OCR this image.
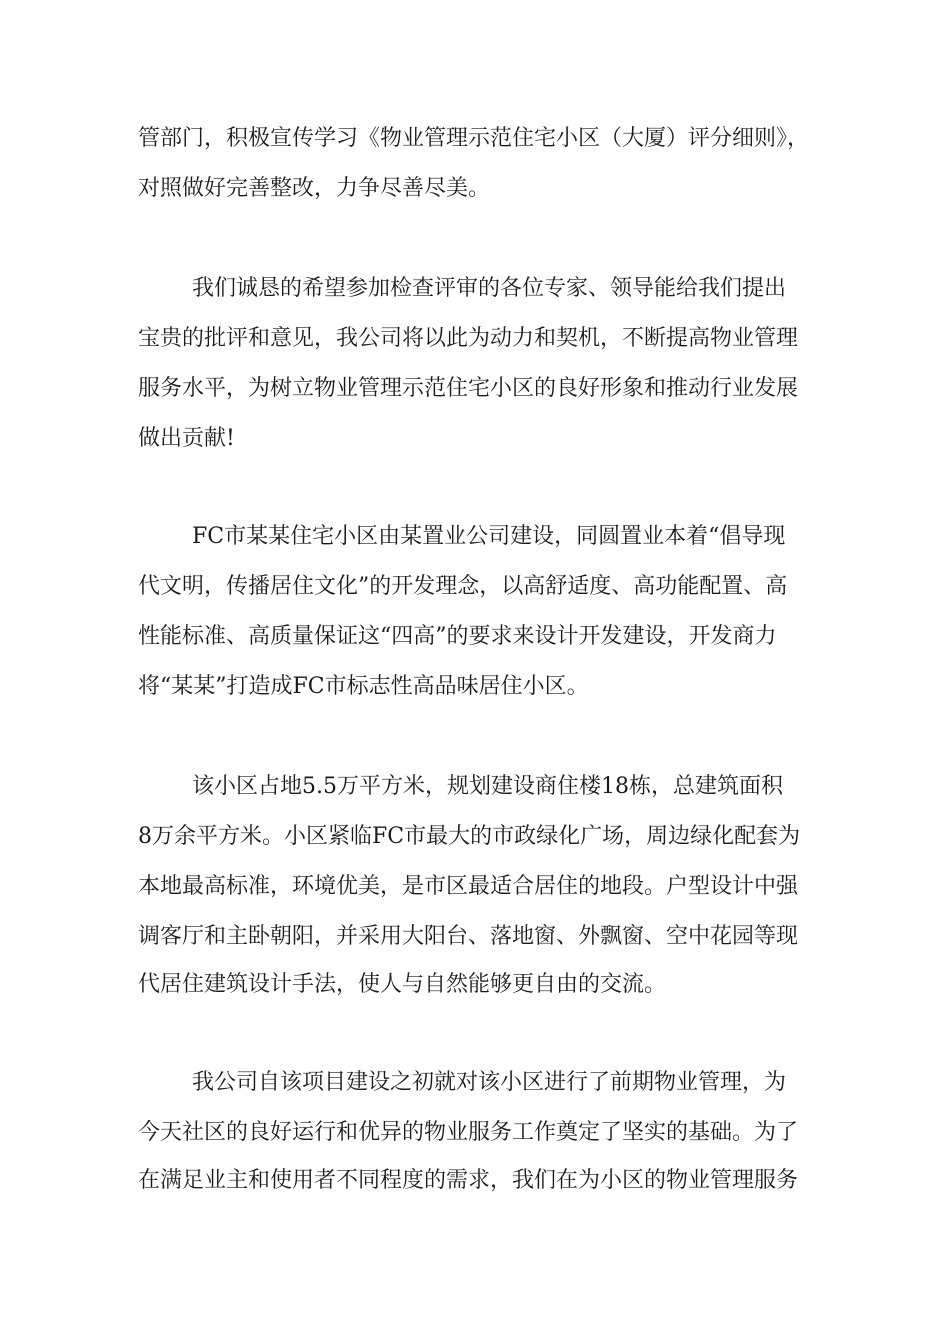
管部门，积极宣传学习《物业管理示范住宅小区（大厦）评分细则》，
对照做好完善整改，力争尽善尽美。
我们诚恳的希望参加检查评审的各位专家、领导能给我们提出
宝贵的批评和意见，我公司将以此为动力和契机，不断提高物业管理
服务水平，为树立物业管理示范住宅小区的良好形象和推动行业发展
做出贡献!
FC市某某住宅小区由某置业公司建设，同圆置业本着“倡导现
代文明，传播居住文化”的开发理念，以高舒适度、高功能配置、高
性能标准、高质量保证这“四高”的要求来设计开发建设，开发商力
将“某某”打造成FC市标志性高品味居住小区。
该小区占地5.5万平方米，规划建设商住楼18栋，总建筑面积
8万余平方米。小区紧临FC市最大的市政绿化广场，周边绿化配套为
本地最高标准，环境优美，是市区最适合居住的地段。户型设计中强
调客厅和主卧朝阳，并采用大阳台、落地窗、外飘窗、空中花园等现
代居住建筑设计手法，使人与自然能够更自由的交流。
我公司自该项目建设之初就对该小区进行了前期物业管理，为
今天社区的良好运行和优异的物业服务工作奠定了坚实的基础。为了
在满足业主和使用者不同程度的需求，我们在为小区的物业管理服务
